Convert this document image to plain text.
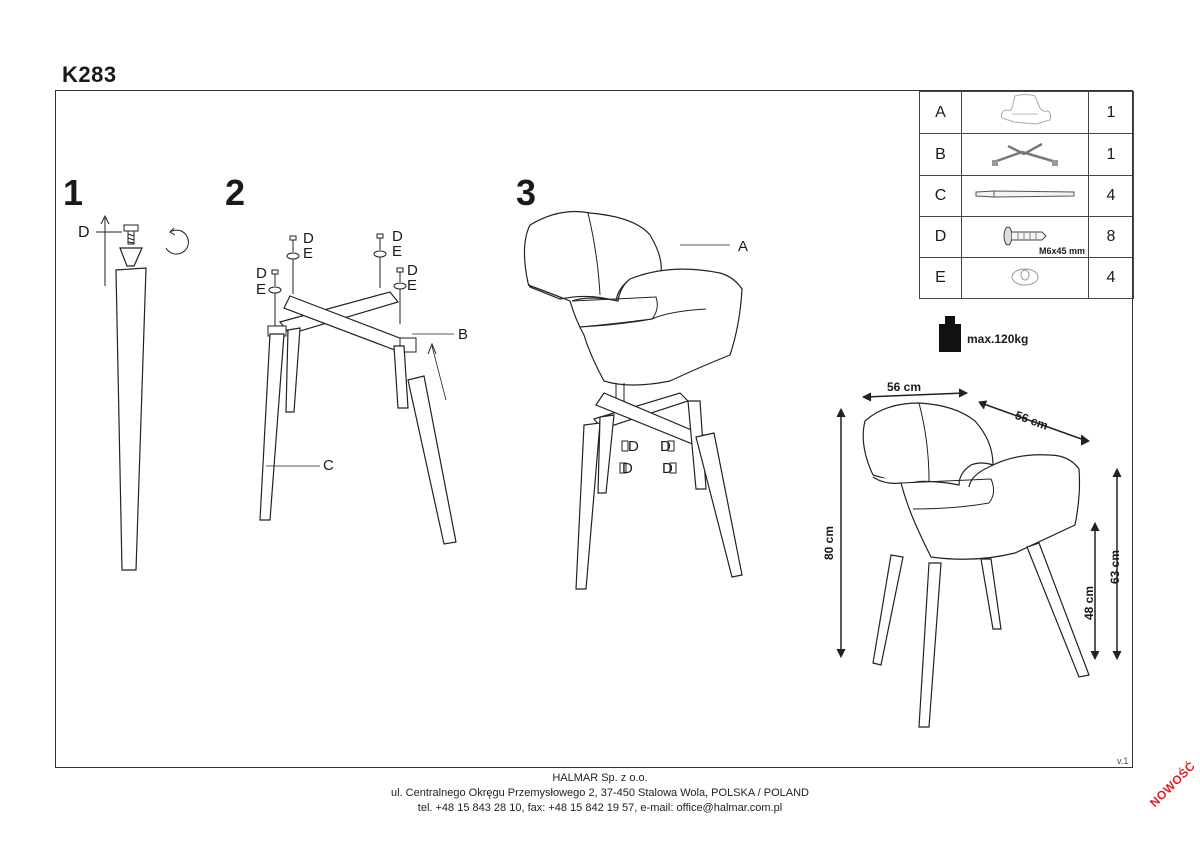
K283
1	2	3
A		1
B		1
C		4
D	M6x45 mm	8
E		4
max.120kg
D	D
E
D
E
D
E
D
E
B
C
A
D
D
D
D
56 cm
56 cm
80 cm
63 cm
48 cm
v.1
HALMAR Sp. z o.o.
ul. Centralnego Okręgu Przemysłowego 2, 37-450 Stalowa Wola, POLSKA / POLAND
tel. +48 15 843 28 10, fax: +48 15 842 19 57, e-mail: office@halmar.com.pl	NOWOŚĆ
